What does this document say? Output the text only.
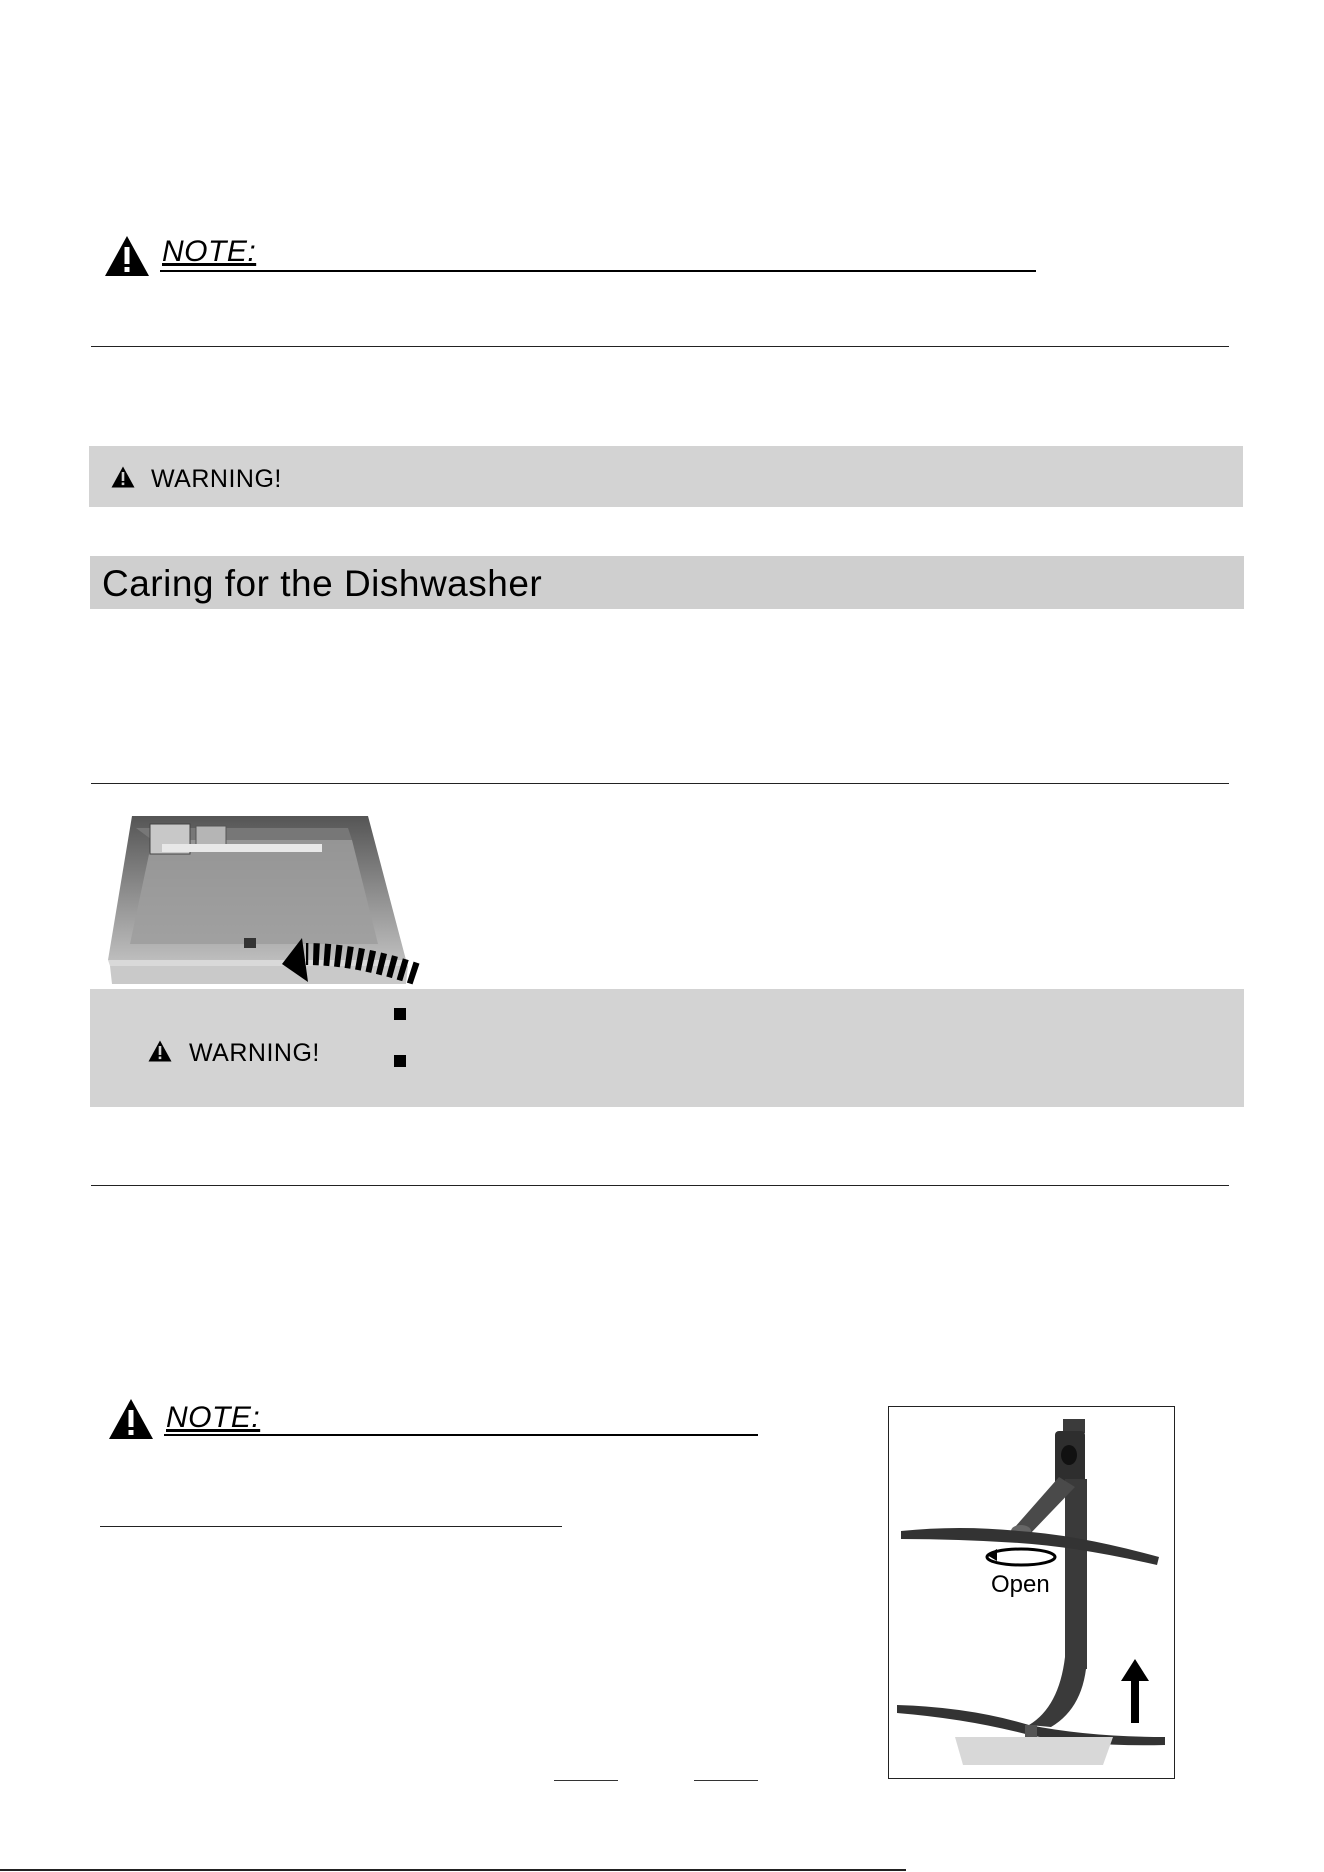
NOTE:
WARNING!
Caring for the Dishwasher
WARNING!
NOTE:
Open
